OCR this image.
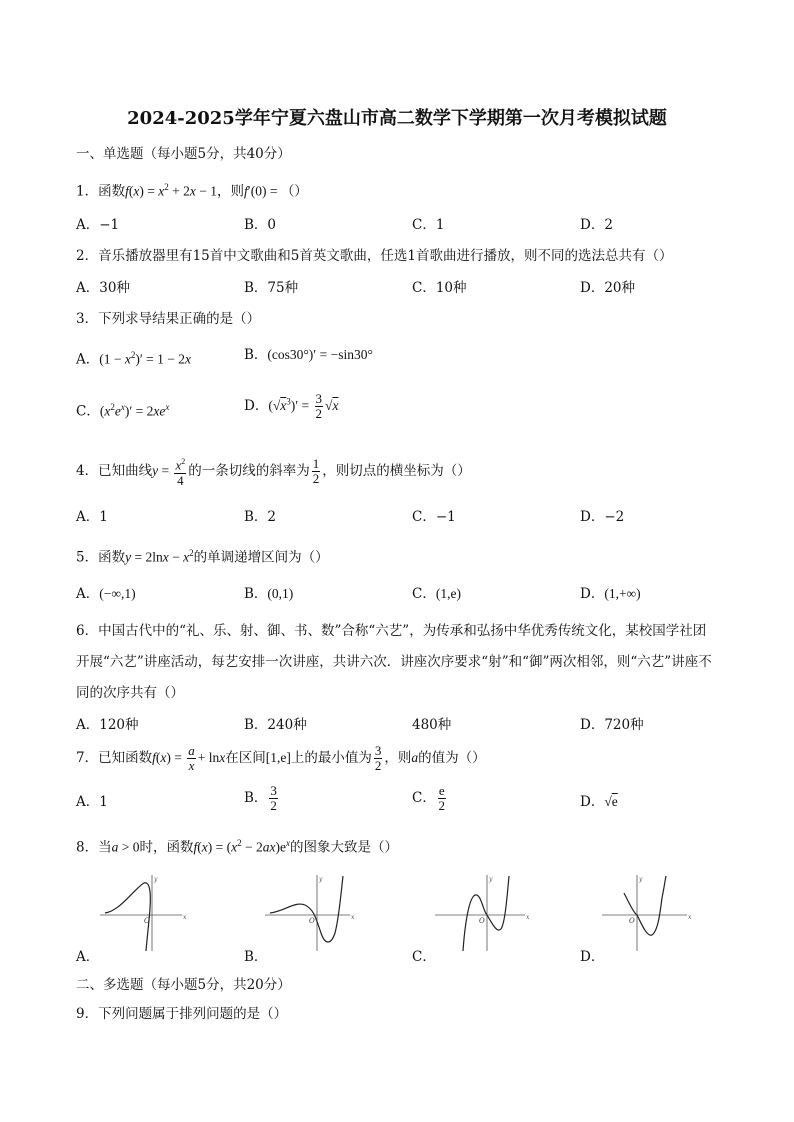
2024-2025学年宁夏六盘山市高二数学下学期第一次月考模拟试题
一、单选题（每小题5分，共40分）
1．函数$f(x) = x^2 + 2x - 1$，则f′(0) = （）
A．−1	B．0	C．1	D．2
2．音乐播放器里有15首中文歌曲和5首英文歌曲，任选1首歌曲进行播放，则不同的选法总共有（）
A．30种	B．75种	C．10种	D．20种
3．下列求导结果正确的是（）
A．$(1 - x^2)' = 1 - 2x$	B．(cos30°)′ = −sin30°
C．$(x^2e^x)' = 2xe^x$	D．$(√x^3)' = \frac{3}{2} √x$
4．已知曲线$y = \frac{x^2}{4}$ 的一条切线的斜率为 $\frac{1}{2}$ ，则切点的横坐标为（）
A．1	B．2	C．−1	D．−2
5．函数$y = 2\ln x - x^2$的单调递增区间为（）
A．(−∞,1)	B．(0,1)	C．(1,e)	D．(1,+∞)
6．中国古代中的“礼、乐、射、御、书、数”合称“六艺”，为传承和弘扬中华优秀传统文化，某校国学社团
开展“六艺”讲座活动，每艺安排一次讲座，共讲六次．讲座次序要求“射”和“御”两次相邻，则“六艺”讲座不
同的次序共有（）
A．120种	B．240种	480种	D．720种
7．已知函数$f(x) = \frac{a}{x} + \ln x$在区间[1,e]上的最小值为 $\frac{3}{2}$ ，则a的值为（）
A．1	B． $\frac{3}{2}$	C． $\frac{e}{2}$	D．√e
8．当a > 0时，函数$f(x) = (x^2 - 2ax)e^x$的图象大致是（）
y
x
O
A．
y
x
O
B．
y
x
O
C．
y
x
O
D．
二、多选题（每小题5分，共20分）
9．下列问题属于排列问题的是（）
